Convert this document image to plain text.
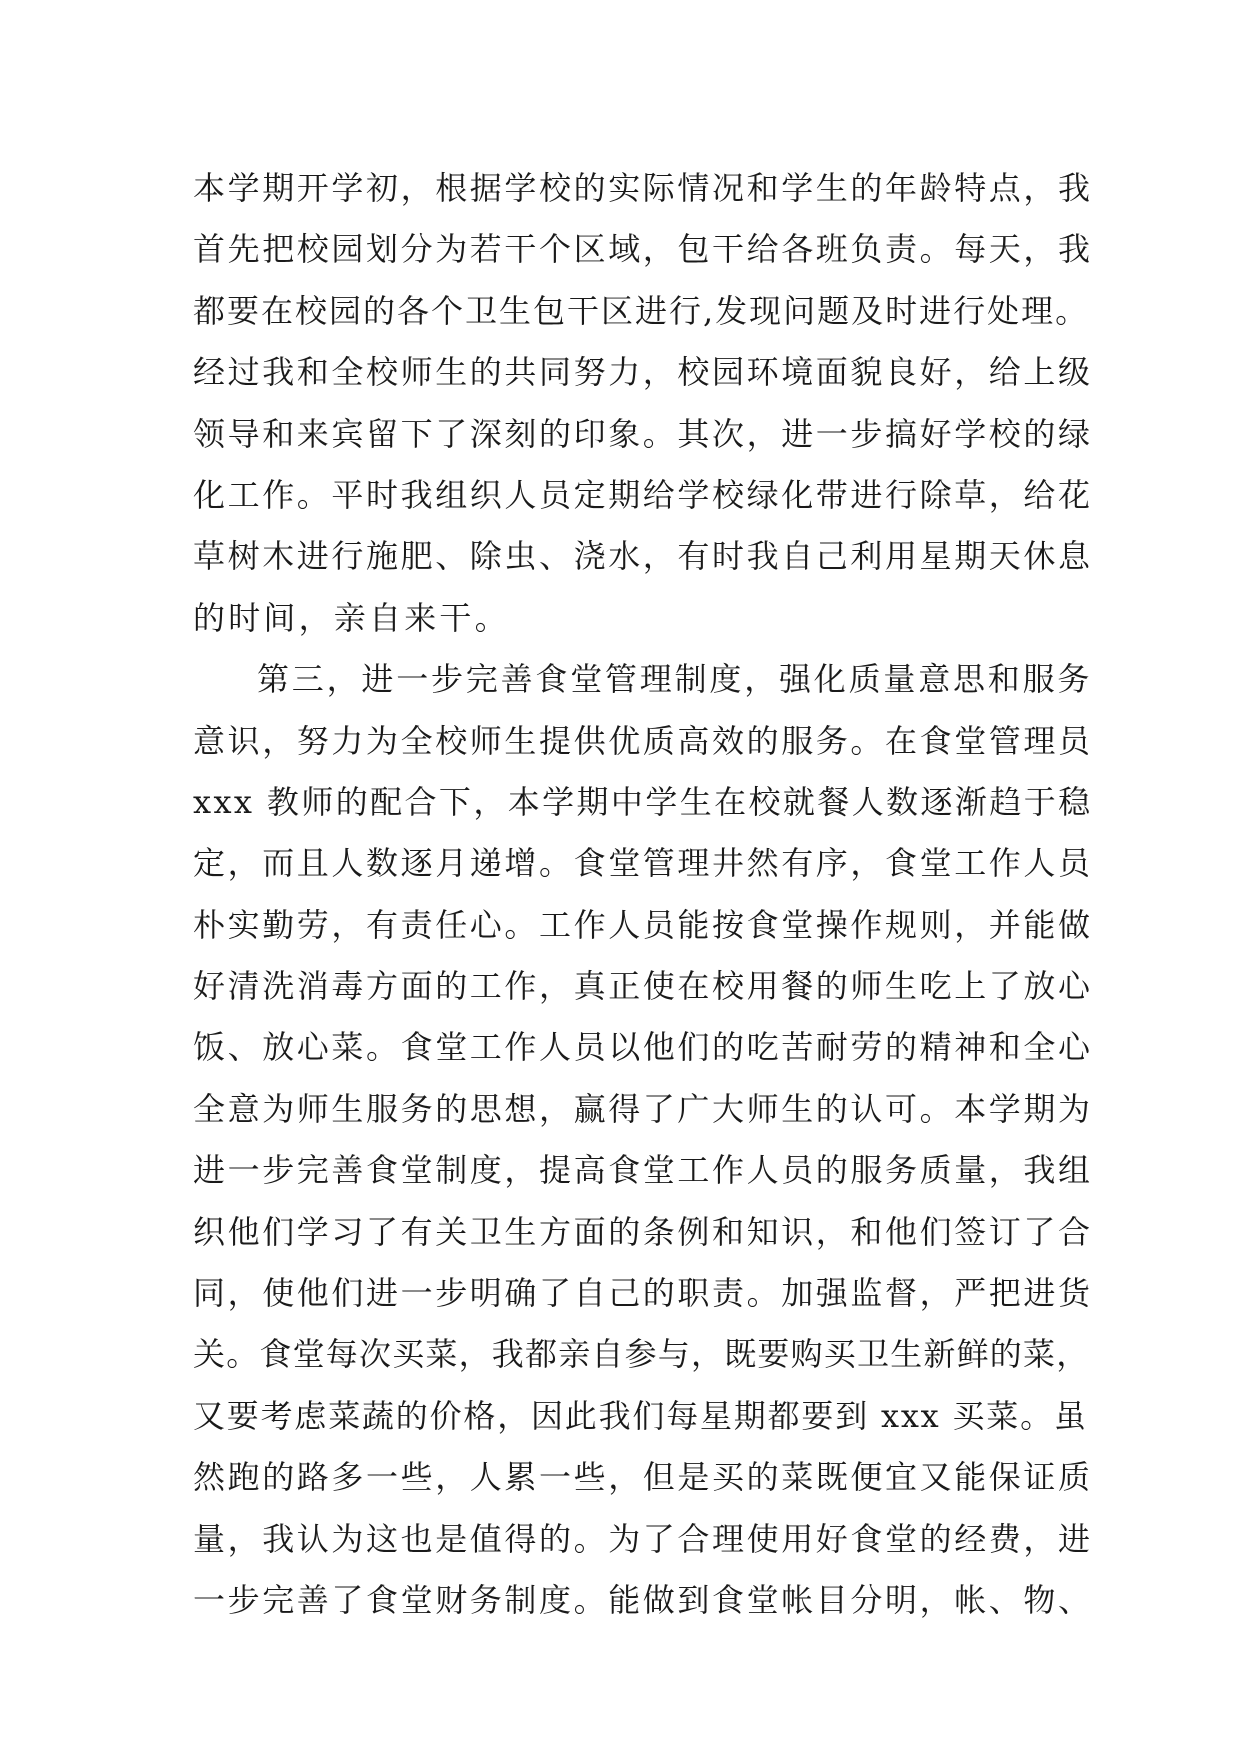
本学期开学初，根据学校的实际情况和学生的年龄特点，我
首先把校园划分为若干个区域，包干给各班负责。每天，我
都要在校园的各个卫生包干区进行,发现问题及时进行处理。
经过我和全校师生的共同努力，校园环境面貌良好，给上级
领导和来宾留下了深刻的印象。其次，进一步搞好学校的绿
化工作。平时我组织人员定期给学校绿化带进行除草，给花
草树木进行施肥、除虫、浇水，有时我自己利用星期天休息
的时间，亲自来干。
第三，进一步完善食堂管理制度，强化质量意思和服务
意识，努力为全校师生提供优质高效的服务。在食堂管理员
xxx 教师的配合下，本学期中学生在校就餐人数逐渐趋于稳
定，而且人数逐月递增。食堂管理井然有序，食堂工作人员
朴实勤劳，有责任心。工作人员能按食堂操作规则，并能做
好清洗消毒方面的工作，真正使在校用餐的师生吃上了放心
饭、放心菜。食堂工作人员以他们的吃苦耐劳的精神和全心
全意为师生服务的思想，赢得了广大师生的认可。本学期为
进一步完善食堂制度，提高食堂工作人员的服务质量，我组
织他们学习了有关卫生方面的条例和知识，和他们签订了合
同，使他们进一步明确了自己的职责。加强监督，严把进货
关。食堂每次买菜，我都亲自参与，既要购买卫生新鲜的菜，
又要考虑菜蔬的价格，因此我们每星期都要到 xxx 买菜。虽
然跑的路多一些，人累一些，但是买的菜既便宜又能保证质
量，我认为这也是值得的。为了合理使用好食堂的经费，进
一步完善了食堂财务制度。能做到食堂帐目分明，帐、物、
